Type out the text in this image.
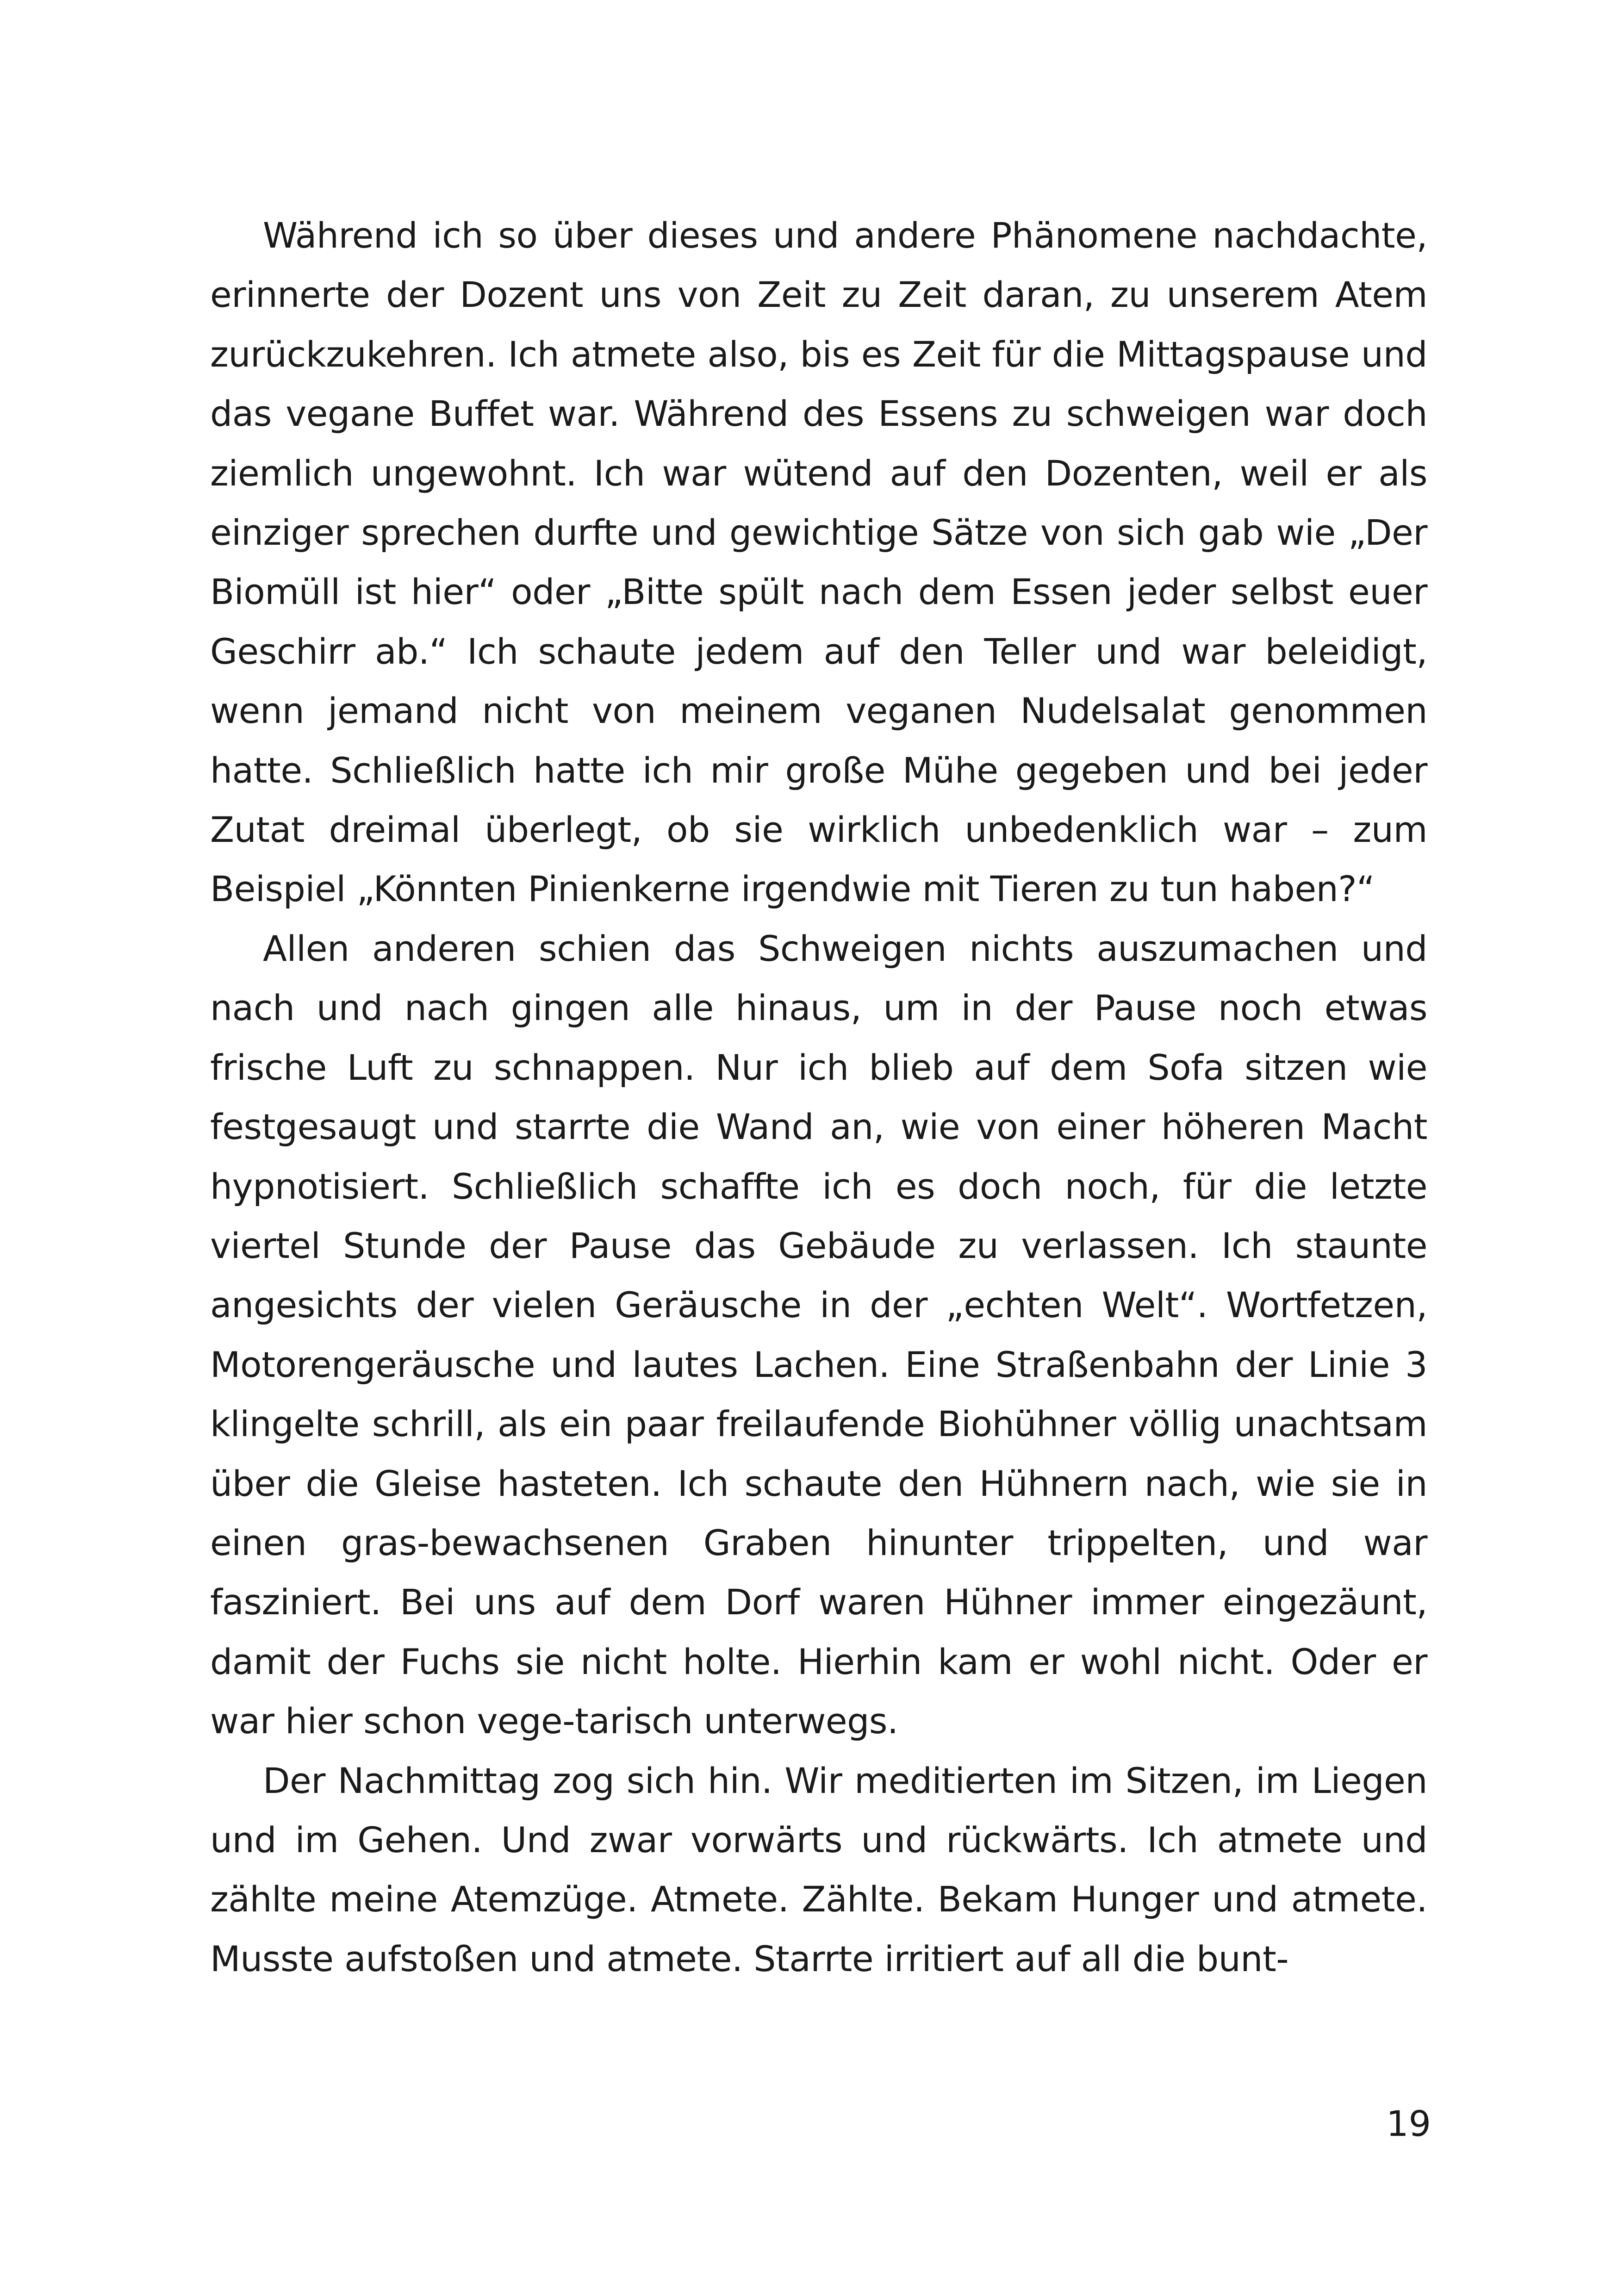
Während ich so über dieses und andere Phänomene nachdachte, erinnerte der Dozent uns von Zeit zu Zeit daran, zu unserem Atem zurückzukehren. Ich atmete also, bis es Zeit für die Mittagspause und das vegane Buffet war. Während des Essens zu schweigen war doch ziemlich ungewohnt. Ich war wütend auf den Dozenten, weil er als einziger sprechen durfte und gewichtige Sätze von sich gab wie „Der Biomüll ist hier“ oder „Bitte spült nach dem Essen jeder selbst euer Geschirr ab.“ Ich schaute jedem auf den Teller und war beleidigt, wenn jemand nicht von meinem veganen Nudelsalat genommen hatte. Schließlich hatte ich mir große Mühe gegeben und bei jeder Zutat dreimal überlegt, ob sie wirklich unbedenklich war – zum Beispiel „Könnten Pinienkerne irgendwie mit Tieren zu tun haben?“

Allen anderen schien das Schweigen nichts auszumachen und nach und nach gingen alle hinaus, um in der Pause noch etwas frische Luft zu schnappen. Nur ich blieb auf dem Sofa sitzen wie festgesaugt und starrte die Wand an, wie von einer höheren Macht hypnotisiert. Schließlich schaffte ich es doch noch, für die letzte viertel Stunde der Pause das Gebäude zu verlassen. Ich staunte angesichts der vielen Geräusche in der „echten Welt“. Wortfetzen, Motorengeräusche und lautes Lachen. Eine Straßenbahn der Linie 3 klingelte schrill, als ein paar freilaufende Biohühner völlig unachtsam über die Gleise hasteten. Ich schaute den Hühnern nach, wie sie in einen gras-bewachsenen Graben hinunter trippelten, und war fasziniert. Bei uns auf dem Dorf waren Hühner immer eingezäunt, damit der Fuchs sie nicht holte. Hierhin kam er wohl nicht. Oder er war hier schon vege-tarisch unterwegs.

Der Nachmittag zog sich hin. Wir meditierten im Sitzen, im Liegen und im Gehen. Und zwar vorwärts und rückwärts. Ich atmete und zählte meine Atemzüge. Atmete. Zählte. Bekam Hunger und atmete. Musste aufstoßen und atmete. Starrte irritiert auf all die bunt-

19
